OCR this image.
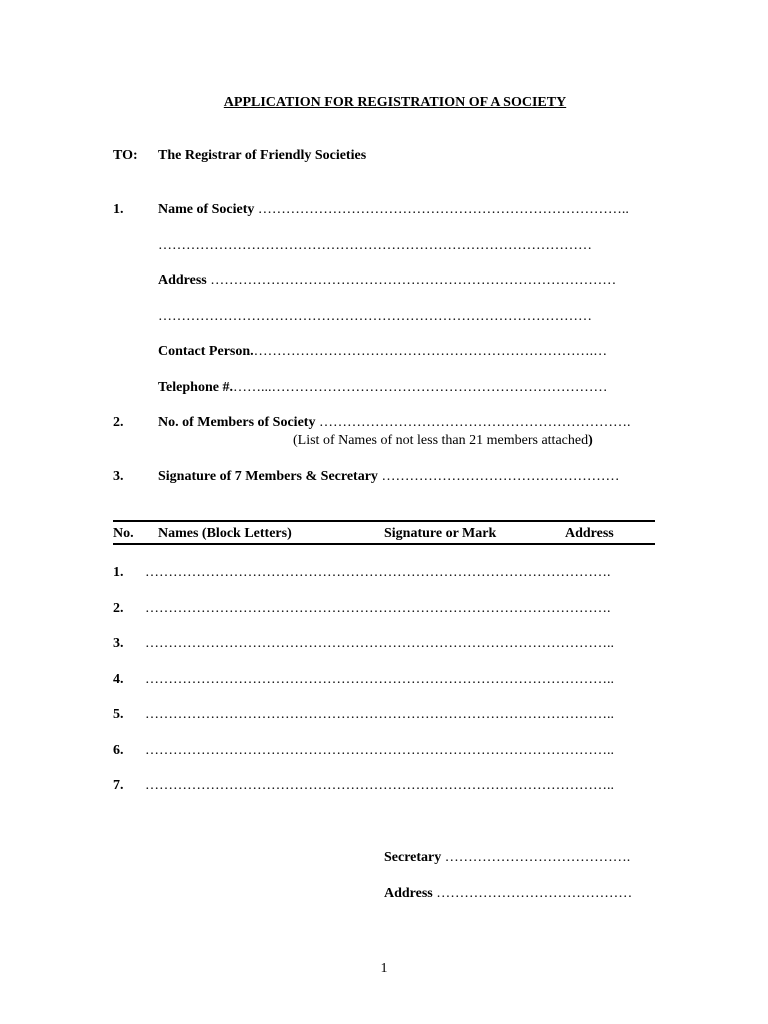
APPLICATION FOR REGISTRATION OF A SOCIETY
TO: The Registrar of Friendly Societies
1. Name of Society
……………………………………………………………………..
…………………………………………………………………………………
Address
……………………………………………………………………………
…………………………………………………………………………………
Contact Person. ……………………………………………………………….…
Telephone #. ……...………………………………………………………………
2. No. of Members of Society
………………………………………………………….
(List of Names of not less than 21 members attached)
3. Signature of 7 Members & Secretary
……………………………………………
No. Names (Block Letters)	Signature or Mark	Address
1. ……………………………………………………………………………………….
2. ……………………………………………………………………………………….
3. ………………………………………………………………………………………..
4. ………………………………………………………………………………………..
5. ………………………………………………………………………………………..
6. ………………………………………………………………………………………..
7. ………………………………………………………………………………………..
Secretary
………………………………….
Address
……………………………………
1
